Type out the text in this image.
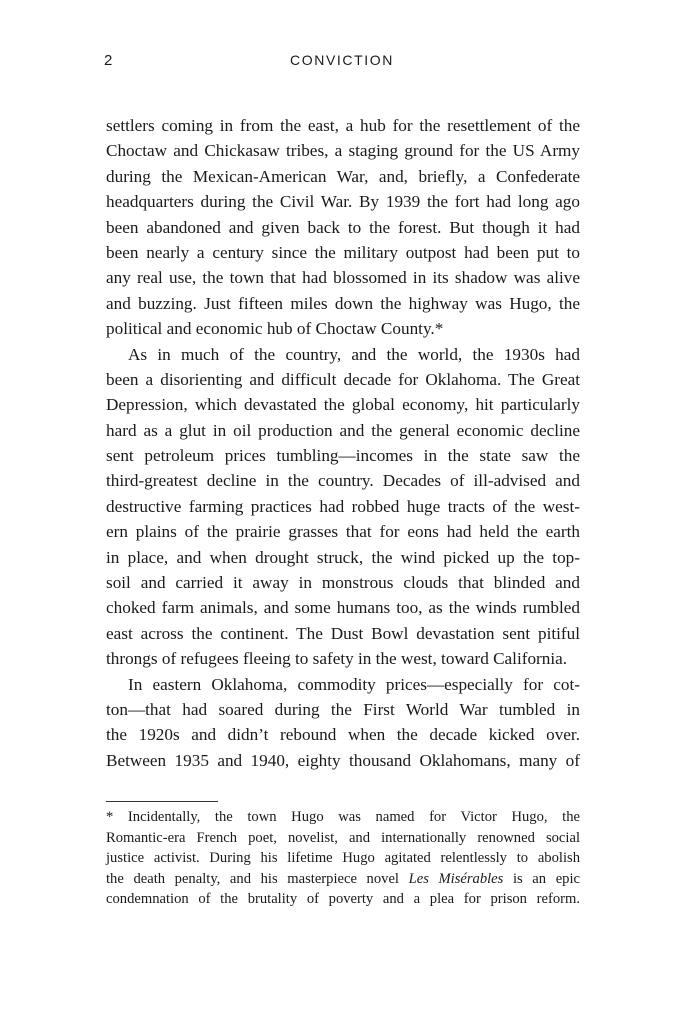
2	CONVICTION
settlers coming in from the east, a hub for the resettlement of the
Choctaw and Chickasaw tribes, a staging ground for the US Army
during the Mexican-American War, and, briefly, a Confederate
headquarters during the Civil War. By 1939 the fort had long ago
been abandoned and given back to the forest. But though it had
been nearly a century since the military outpost had been put to
any real use, the town that had blossomed in its shadow was alive
and buzzing. Just fifteen miles down the highway was Hugo, the
political and economic hub of Choctaw County.*
As in much of the country, and the world, the 1930s had
been a disorienting and difficult decade for Oklahoma. The Great
Depression, which devastated the global economy, hit particularly
hard as a glut in oil production and the general economic decline
sent petroleum prices tumbling—incomes in the state saw the
third-greatest decline in the country. Decades of ill-advised and
destructive farming practices had robbed huge tracts of the west-
ern plains of the prairie grasses that for eons had held the earth
in place, and when drought struck, the wind picked up the top-
soil and carried it away in monstrous clouds that blinded and
choked farm animals, and some humans too, as the winds rumbled
east across the continent. The Dust Bowl devastation sent pitiful
throngs of refugees fleeing to safety in the west, toward California.
In eastern Oklahoma, commodity prices—especially for cot-
ton—that had soared during the First World War tumbled in
the 1920s and didn’t rebound when the decade kicked over.
Between 1935 and 1940, eighty thousand Oklahomans, many of
* Incidentally, the town Hugo was named for Victor Hugo, the
Romantic-era French poet, novelist, and internationally renowned social
justice activist. During his lifetime Hugo agitated relentlessly to abolish
the death penalty, and his masterpiece novel Les Misérables is an epic
condemnation of the brutality of poverty and a plea for prison reform.
